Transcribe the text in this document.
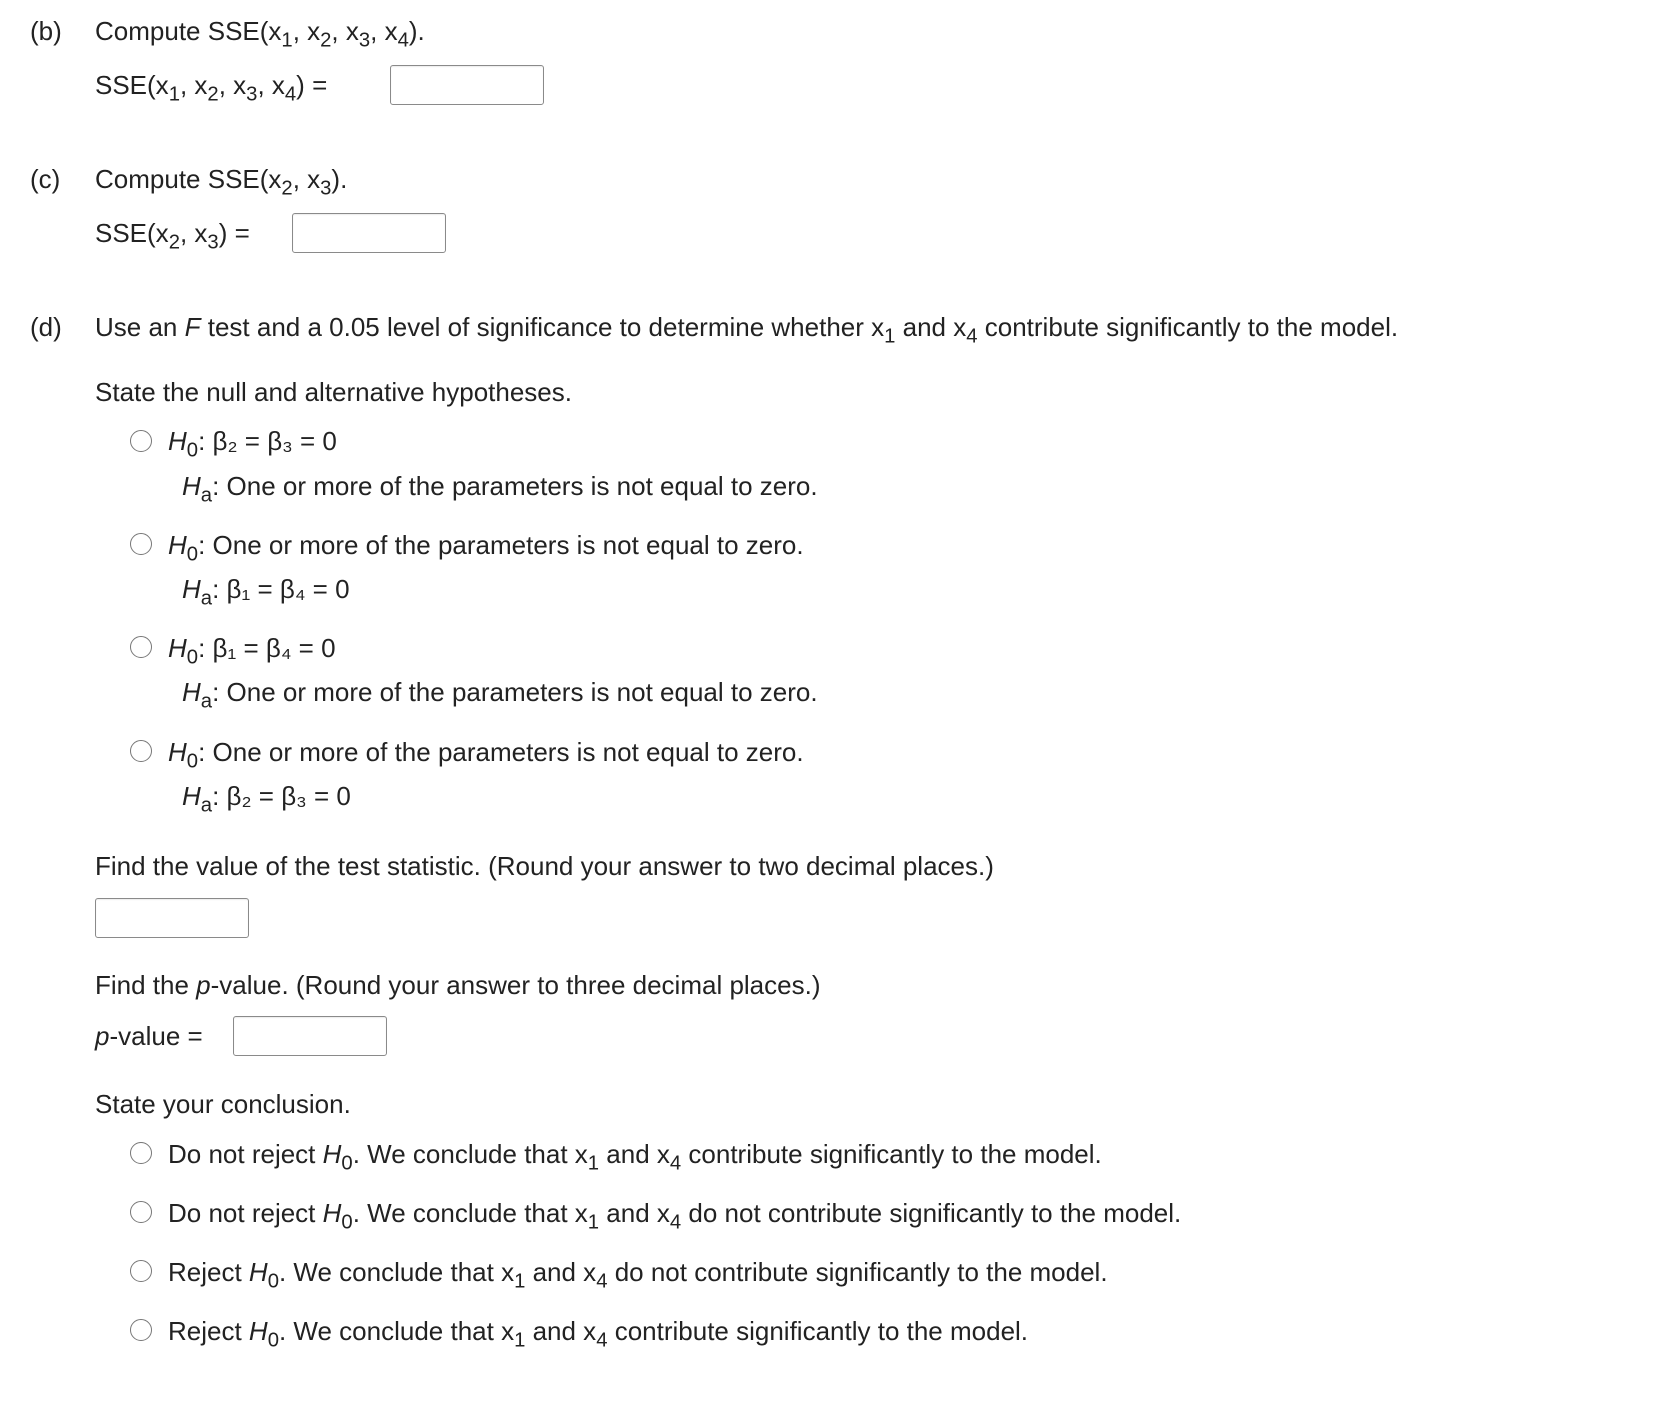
(b) Compute $SSE(x_1$, $x_2$, $x_3$, $x_4$).
$SSE(x_1$, $x_2$, $x_3$, $x_4$) =
(c) Compute $SSE(x_2$, $x_3$).
$SSE(x_2$, $x_3$) =
(d) Use an F test and a 0.05 level of significance to determine whether $x_1$ and $x_4$ contribute significantly to the model.
State the null and alternative hypotheses.
$H_0$: β₂ = β₃ = 0
$H_a$: One or more of the parameters is not equal to zero.
$H_0$: One or more of the parameters is not equal to zero.
$H_a$: β₁ = β₄ = 0
$H_0$: β₁ = β₄ = 0
$H_a$: One or more of the parameters is not equal to zero.
$H_0$: One or more of the parameters is not equal to zero.
$H_a$: β₂ = β₃ = 0
Find the value of the test statistic. (Round your answer to two decimal places.)
Find the p-value. (Round your answer to three decimal places.)
p-value =
State your conclusion.
Do not reject $H_0$. We conclude that $x_1$ and $x_4$ contribute significantly to the model.
Do not reject $H_0$. We conclude that $x_1$ and $x_4$ do not contribute significantly to the model.
Reject $H_0$. We conclude that $x_1$ and $x_4$ do not contribute significantly to the model.
Reject $H_0$. We conclude that $x_1$ and $x_4$ contribute significantly to the model.
